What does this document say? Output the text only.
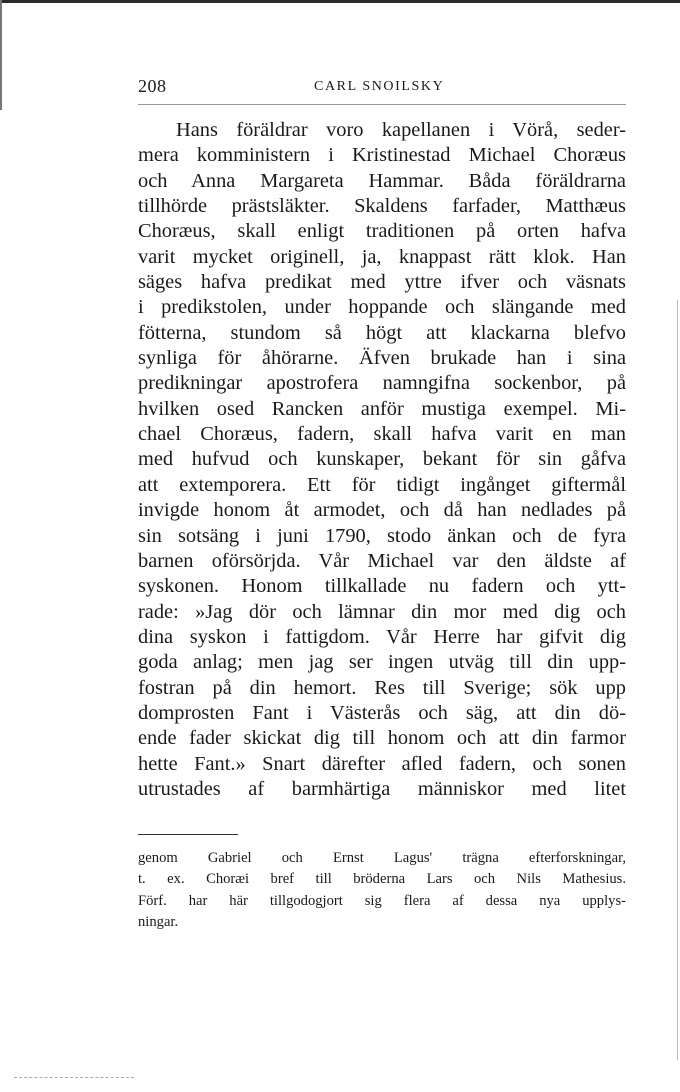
208	CARL SNOILSKY
Hans föräldrar voro kapellanen i Vörå, seder-
mera komministern i Kristinestad Michael Choræus
och Anna Margareta Hammar. Båda föräldrarna
tillhörde prästsläkter. Skaldens farfader, Matthæus
Choræus, skall enligt traditionen på orten hafva
varit mycket originell, ja, knappast rätt klok. Han
säges hafva predikat med yttre ifver och väsnats
i predikstolen, under hoppande och slängande med
fötterna, stundom så högt att klackarna blefvo
synliga för åhörarne. Äfven brukade han i sina
predikningar apostrofera namngifna sockenbor, på
hvilken osed Rancken anför mustiga exempel. Mi-
chael Choræus, fadern, skall hafva varit en man
med hufvud och kunskaper, bekant för sin gåfva
att extemporera. Ett för tidigt ingånget giftermål
invigde honom åt armodet, och då han nedlades på
sin sotsäng i juni 1790, stodo änkan och de fyra
barnen oförsörjda. Vår Michael var den äldste af
syskonen. Honom tillkallade nu fadern och ytt-
rade: »Jag dör och lämnar din mor med dig och
dina syskon i fattigdom. Vår Herre har gifvit dig
goda anlag; men jag ser ingen utväg till din upp-
fostran på din hemort. Res till Sverige; sök upp
domprosten Fant i Västerås och säg, att din dö-
ende fader skickat dig till honom och att din farmor
hette Fant.» Snart därefter afled fadern, och sonen
utrustades af barmhärtiga människor med litet
genom Gabriel och Ernst Lagus' trägna efterforskningar,
t. ex. Choræi bref till bröderna Lars och Nils Mathesius.
Förf. har här tillgodogjort sig flera af dessa nya upplys-
ningar.
